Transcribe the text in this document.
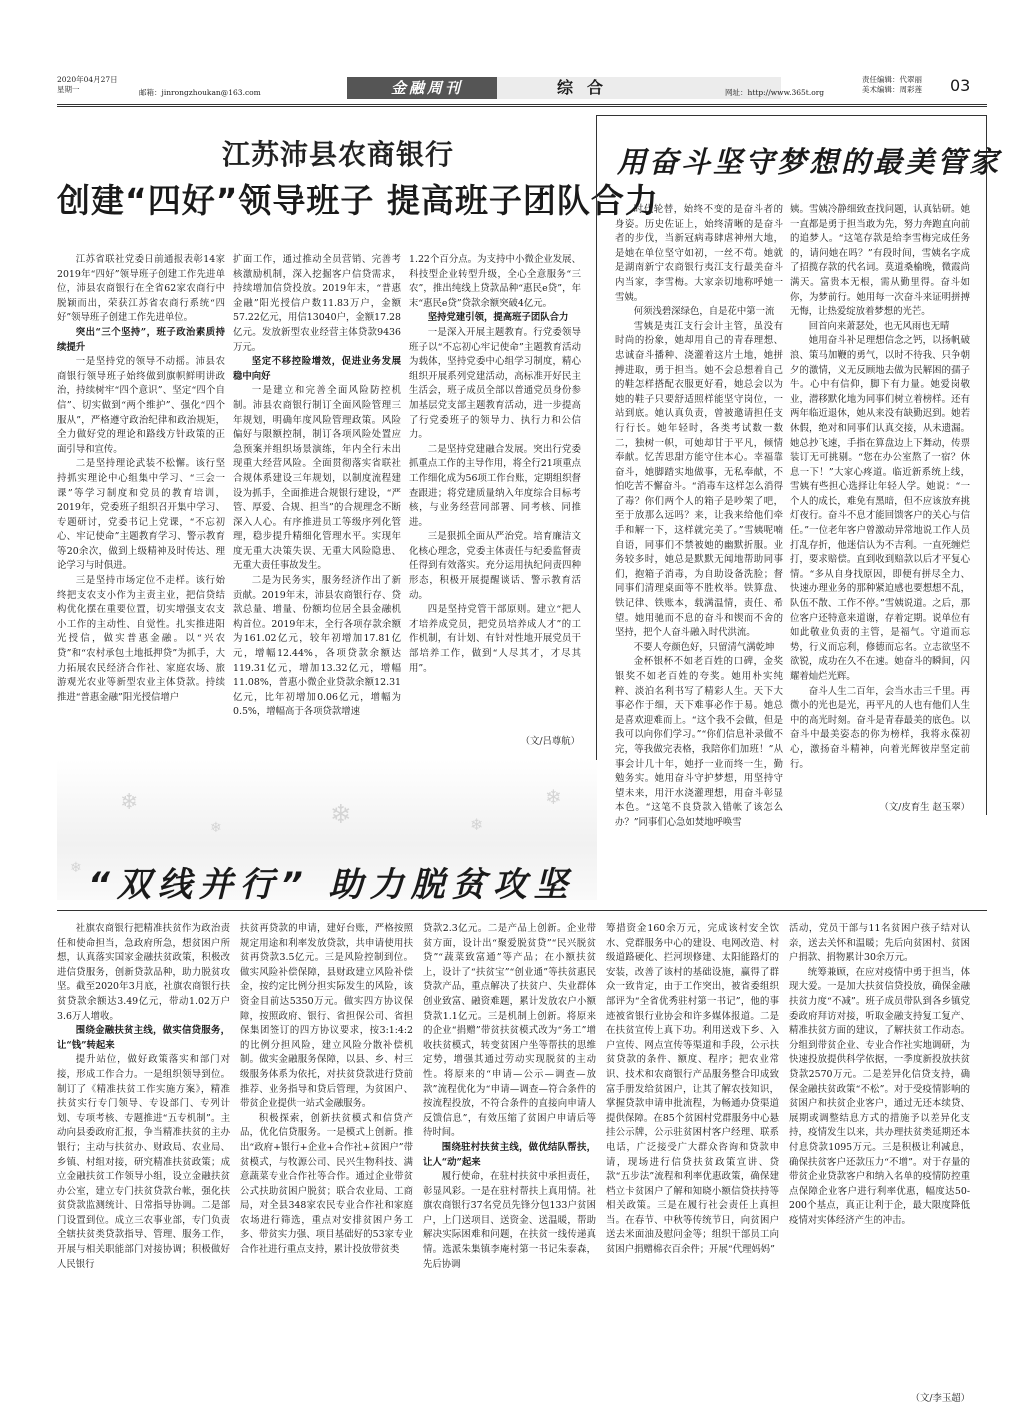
2020年04月27日
星期一	邮箱：jinrongzhoukan@163.com	金融周刊	综合	网址：http://www.365t.org
责任编辑：代翠丽
美术编辑：周彩莲 03
江苏沛县农商银行
创建“四好”领导班子 提高班子团队合力

江苏省联社党委日前通报表彰14家2019年“四好”领导班子创建工作先进单位，沛县农商银行在全省62家农商行中脱颖而出，荣获江苏省农商行系统“四好”领导班子创建工作先进单位。

突出“三个坚持”，班子政治素质持续提升

一是坚持党的领导不动摇。沛县农商银行领导班子始终做到旗帜鲜明讲政治，持续树牢“四个意识”、坚定“四个自信”、切实做到“两个维护”、强化“四个服从”，严格遵守政治纪律和政治规矩，全力做好党的理论和路线方针政策的正面引导和宣传。

二是坚持理论武装不松懈。该行坚持抓实理论中心组集中学习、“三会一课”等学习制度和党员的教育培训，2019年，党委班子组织召开集中学习、专题研讨，党委书记上党课，“不忘初心、牢记使命”主题教育学习、警示教育等20余次，做到上级精神及时传达、理论学习与时俱进。

三是坚持市场定位不走样。该行始终把支农支小作为主责主业，把信贷结构优化摆在重要位置，切实增强支农支小工作的主动性、自觉性。扎实推进阳光授信，做实普惠金融。以“兴农贷”和“农村承包土地抵押贷”为抓手，大力拓展农民经济合作社、家庭农场、旅游观光农业等新型农业主体贷款。持续推进“普惠金融”阳光授信增户

扩面工作，通过推动全员营销、完善考核激励机制，深入挖掘客户信贷需求，持续增加信贷投放。2019年末，“普惠金融”阳光授信户数11.83万户，金额57.22亿元，用信13040户，金额17.28亿元。发放新型农业经营主体贷款9436万元。

坚定不移控险增效，促进业务发展稳中向好

一是建立和完善全面风险防控机制。沛县农商银行制订全面风险管理三年规划，明确年度风险管理政策。风险偏好与限额控制，制订各项风险处置应急预案并组织场景演练，年内全行未出现重大经营风险。全面贯彻落实省联社合规体系建设三年规划，以制度流程建设为抓手，全面推进合规银行建设，“严管、厚爱、合规、担当”的合规理念不断深入人心。有序推进员工等级序列化管理，稳步提升精细化管理水平。实现年度无重大决策失误、无重大风险隐患、无重大责任事故发生。

二是为民务实，服务经济作出了新贡献。2019年末，沛县农商银行存、贷款总量、增量、份额均位居全县金融机构首位。2019年末，全行各项存款余额为161.02亿元，较年初增加17.81亿元，增幅12.44%，各项贷款余额达119.31亿元，增加13.32亿元，增幅11.08%，普惠小微企业贷款余额12.31亿元，比年初增加0.06亿元，增幅为0.5%，增幅高于各项贷款增速

1.22个百分点。为支持中小微企业发展、科技型企业转型升级，全心全意服务“三农”，推出纯线上贷款品种“惠民e贷”，年末“惠民e贷”贷款余额突破4亿元。

坚持党建引领，提高班子团队合力

一是深入开展主题教育。行党委领导班子以“不忘初心牢记使命”主题教育活动为载体，坚持党委中心组学习制度，精心组织开展系列党建活动，高标准开好民主生活会，班子成员全部以普通党员身份参加基层党支部主题教育活动，进一步提高了行党委班子的领导力、执行力和公信力。

二是坚持党建融合发展。突出行党委抓重点工作的主导作用，将全行21项重点工作细化成为56项工作台账，定期组织督查跟进；将党建质量纳入年度综合目标考核，与业务经营同部署、同考核、同推进。

三是狠抓全面从严治党。培育廉洁文化核心理念，党委主体责任与纪委监督责任得到有效落实。充分运用执纪问责四种形态，积极开展提醒谈话、警示教育活动。

四是坚持党管干部原则。建立“把人才培养成党员，把党员培养成人才”的工作机制，有计划、有针对性地开展党员干部培养工作，做到“人尽其才，才尽其用”。

（文/吕尊航）
用奋斗坚守梦想的最美管家

时代轮替，始终不变的是奋斗者的身姿。历史佐证上，始终清晰的是奋斗者的步伐，当新冠病毒肆虐神州大地，是她在单位坚守如初，一丝不苟。她就是湖南新宁农商银行夷江支行最美奋斗内当家，李雪梅。大家亲切地称呼她一雪姨。

何须浅碧深绿色，自是花中第一流

雪姨是夷江支行会计主管，虽没有时尚的扮象，她却用自己的青春理想、忠诚奋斗播种、浇灌着这片土地，她拼搏进取，勇于担当。她不会总想着自己的鞋怎样搭配衣服更好看，她总会以为她的鞋子只要舒适照样能坚守岗位，一站到底。她认真负责，曾被邀请担任支行行长。她年轻时，各类考试数一数二，独树一帜，可她却甘于平凡，倾情奉献。忆苦思甜方能守住本心。幸福靠奋斗，她脚踏实地做事，无私奉献，不怕吃苦不懈奋斗。“消毒车这样怎么消得了毒？你们两个人的箱子是吵架了吧，至于放那么远吗？来，让我来给他们牵手和解一下，这样就完美了。”雪姨呢喃自语，同事们不禁被她的幽默折服。业务较多时，她总是默默无闻地帮助同事们，抱箱子消毒，为自助设备洗脸；督同事们清理桌面等不胜枚举。铁算盘、铁记律、铁账本，载满温情，责任、希望。她用驰而不息的奋斗和锲而不舍的坚持，把个人奋斗融入时代洪流。

不要人夸颜色好，只留清气满乾坤

金杯银杯不如老百姓的口碑，金奖银奖不如老百姓的夸奖。她用朴实纯粹、淡泊名利书写了精彩人生。天下大事必作于细，天下难事必作于易。她总是喜欢迎难而上。“这个我不会做，但是我可以向你们学习。”“你们信息补录做不完，等我做完表格，我陪你们加班！”从事会计几十年，她抒一业而终一生，勤勉务实。她用奋斗守护梦想，用坚持守望未来，用汗水浇灌理想，用奋斗彰显本色。“这笔不良贷款入错帐了该怎么办？”同事们心急如焚地呼唤雪

姨。雪姨冷静细致查找问题，认真钻研。她一直都是勇于担当敢为先，努力奔跑直向前的追梦人。“这笔存款是给李雪梅完成任务的，请问她在吗？”有段时间，雪姨名字成了招揽存款的代名词。莫道桑榆晚，微霞尚满天。富贵本无根，需从勤里得。奋斗如你，为梦前行。她用每一次奋斗来证明拼搏无悔，让热爱绽放着梦想的光芒。

回首向来萧瑟处，也无风雨也无晴

她用奋斗补足理想信念之钙，以扬帆破浪、策马加鞭的勇气，以时不待我、只争朝夕的激情，义无反顾地去做为民解困的孺子牛。心中有信仰，脚下有力量。她爱岗敬业，潜移默化地为同事们树立着榜样。还有两年临近退休，她从来没有缺勤迟到。她若休假，绝对和同事们认真交接，从未遗漏。她总抄飞速，手指在算盘边上下舞动，传票装订无可挑剔。“您在办公室熬了一宿？休息一下！”大家心疼道。临近新系统上线，雪姨有些担心选择让年轻人学。她说：“一个人的成长，难免有黑暗，但不应该放弃挑灯夜行。奋斗不息才能回馈客户的关心与信任。”一位老年客户曾激动异常地说工作人员打乱存折，他迷信认为不吉利。一直死缠烂打，要求赔偿。直到收到赔款以后才平复心情。“多从自身找原因，即便有拼尽全力、快速办理业务的那种紧迫感也要想想不乱，队伍不散、工作不停。”雪姨说道。之后，那位客户还特意来道谢，存着定期。说单位有如此敬业负责的主管，是福气。守道而忘势，行义而忘利，修德而忘名。立志欲坚不欲锐，成功在久不在速。她奋斗的瞬间，闪耀着灿烂光辉。

奋斗人生二百年，会当水击三千里。再微小的光也是光，再平凡的人也有他们人生中的高光时刻。奋斗是青春最美的底色。以奋斗中最美姿态的你为榜样，我将永葆初心，激扬奋斗精神，向着光辉彼岸坚定前行。

（文/皮育生 赵玉翠）
❄
❄	❄	❄
❄
❄ “双线并行” 助力脱贫攻坚

社旗农商银行把精准扶贫作为政治责任和使命担当，急政府所急，想贫困户所想，认真落实国家金融扶贫政策，积极改进信贷服务，创新贷款品种，助力脱贫攻坚。截至2020年3月底，社旗农商银行扶贫贷款余额达3.49亿元，带动1.02万户3.6万人增收。

围绕金融扶贫主线，做实信贷服务，让“钱”转起来

提升站位，做好政策落实和部门对接，形成工作合力。一是组织领导到位。制订了《精准扶贫工作实施方案》，精准扶贫实行专门领导、专设部门、专列计划、专项考核、专题推进“五专机制”。主动向县委政府汇报，争当精准扶贫的主办银行；主动与扶贫办、财政局、农业局、乡镇、村组对接，研究精准扶贫政策；成立金融扶贫工作领导小组，设立金融扶贫办公室，建立专门扶贫贷款台帐，强化扶贫贷款监测统计、日常指导协调。二是部门设置到位。成立三农事业部，专门负责全辖扶贫类贷款指导、管理、服务工作，开展与相关职能部门对接协调；积极做好人民银行

扶贫再贷款的申请，建好台账，严格按照规定用途和利率发放贷款，共申请使用扶贫再贷款3.5亿元。三是风险控制到位。做实风险补偿保障，县财政建立风险补偿金，按约定比例分担实际发生的风险，该资金目前达5350万元。做实四方协议保障，按照政府、银行、省担保公司、省担保集团签订的四方协议要求，按3:1:4:2的比例分担风险，建立风险分散补偿机制。做实金融服务保障，以县、乡、村三级服务体系为依托，对扶贫贷款进行贷前推荐、业务指导和贷后管理，为贫困户、带贫企业提供一站式金融服务。

积极探索，创新扶贫模式和信贷产品，优化信贷服务。一是模式上创新。推出“政府+银行+企业+合作社+贫困户”带贫模式，与牧源公司、民兴生物科技、满意蔬菜专业合作社等合作。通过企业带贫公式扶助贫困户脱贫；联合农业局、工商局，对全县348家农民专业合作社和家庭农场进行筛选，重点对安排贫困户务工多、带贫实力强、项目基础好的53家专业合作社进行重点支持，累计投放带贫类

贷款2.3亿元。二是产品上创新。企业带贫方面，设计出“聚爱脱贫贷”“民兴脱贫贷”“蔬菜致富通”等产品；在小额扶贫上，设计了“扶贫宝”“创业通”等扶贫惠民贷款产品，重点解决了扶贫户、失业群体创业致富、融资难题，累计发放农户小额贷款1.1亿元。三是机制上创新。将原来的企业“捐赠”带贫扶贫模式改为“务工”增收扶贫模式，转变贫困户坐等帮扶的思维定势，增强其通过劳动实现脱贫的主动性。将原来的“申请—公示—调查—放款”流程优化为“申请—调查—符合条件的按流程投放，不符合条件的直接向申请人反馈信息”，有效压缩了贫困户申请后等待时间。

围绕驻村扶贫主线，做优结队帮扶，让人“动”起来

履行使命，在驻村扶贫中承担责任，彰显风彩。一是在驻村帮扶上真用情。社旗农商银行37名党员先锋分包133户贫困户，上门送项目、送资金、送温暖，帮助解决实际困难和问题，在扶贫一线传递真情。选派朱集镇李庵村第一书记朱泰森，先后协调

筹措资金160余万元，完成该村安全饮水、党群服务中心的建设、电网改造、村级道路硬化、拦河坝修建、太阳能路灯的安装，改善了该村的基础设施，赢得了群众一致肯定，由于工作突出，被省委组织部评为“全省优秀驻村第一书记”，他的事迹被省银行业协会和许多媒体报道。二是在扶贫宣传上真下功。利用送戏下乡、入户宣传、网点宣传等渠道和手段，公示扶贫贷款的条件、额度、程序；把农业常识、技术和农商银行产品服务整合印成致富手册发给贫困户，让其了解农技知识，掌握贷款申请申批流程，为畅通办贷渠道提供保障。在85个贫困村党群服务中心悬挂公示牌，公示驻贫困村客户经理、联系电话，广泛接受广大群众咨询和贷款申请，现场进行信贷扶贫政策宣讲、贷款“五步法”流程和利率优惠政策，确保建档立卡贫困户了解和知晓小额信贷扶持等相关政策。三是在履行社会责任上真担当。在春节、中秋等传统节日，向贫困户送去米面油及慰问金等；组织干部员工向贫困户捐赠棉衣百余件；开展“代理妈妈”

活动，党员干部与11名贫困户孩子结对认亲，送去关怀和温暖；先后向贫困村、贫困户捐款、捐物累计30余万元。

统筹兼顾，在应对疫情中勇于担当，体现大爱。一是加大扶贫信贷投放，确保金融扶贫力度“不减”。班子成员带队到各乡镇党委政府拜访对接，听取金融支持复工复产、精准扶贫方面的建议，了解扶贫工作动态。分组到带贫企业、专业合作社实地调研，为快速投放提供科学依据，一季度新投放扶贫贷款2570万元。二是差异化信贷支持，确保金融扶贫政策“不松”。对于受疫情影响的贫困户和扶贫企业客户，通过无还本续贷、展期或调整结息方式的措施予以差异化支持，疫情发生以来，共办理扶贫类延期还本付息贷款1095万元。三是积极让利减息，确保扶贫客户还款压力“不增”。对于存量的带贫企业贷款客户和纳入名单的疫情防控重点保障企业客户进行利率优惠，幅度达50-200个基点，真正让利于企，最大限度降低疫情对实体经济产生的冲击。

（文/李玉超）
